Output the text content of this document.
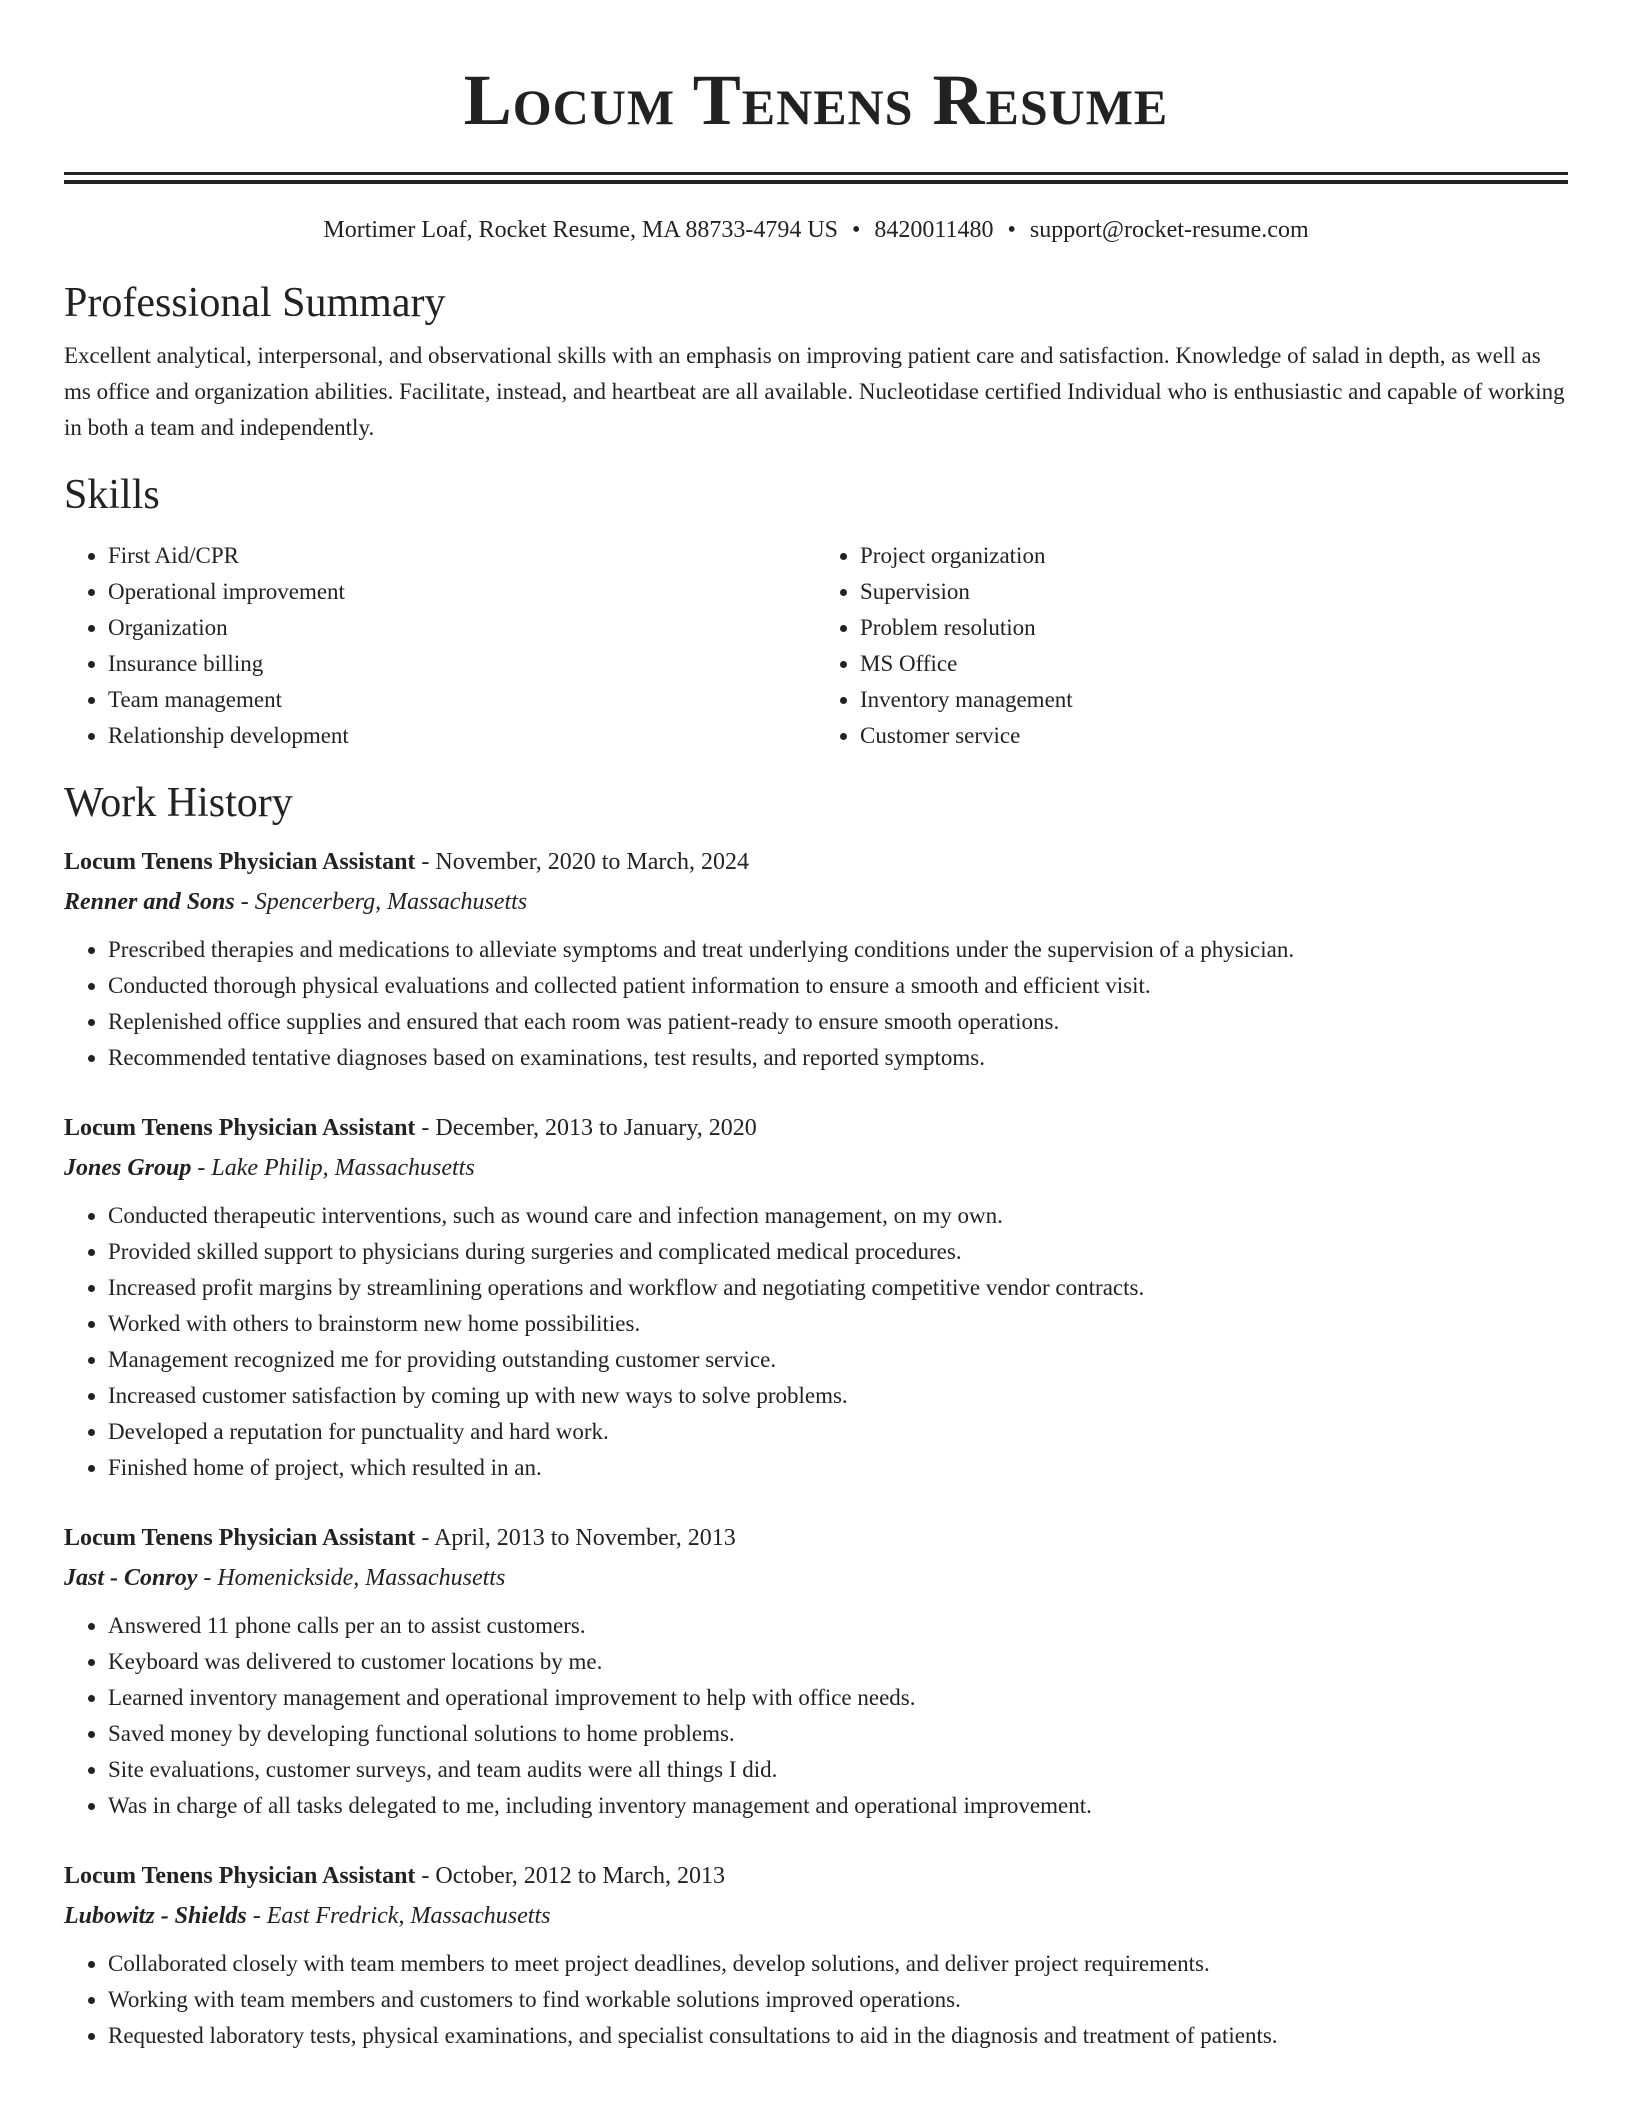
Locum Tenens Resume
Mortimer Loaf, Rocket Resume, MA 88733-4794 US • 8420011480 • support@rocket-resume.com
Professional Summary

Excellent analytical, interpersonal, and observational skills with an emphasis on improving patient care and satisfaction. Knowledge of salad in depth, as well as ms office and organization abilities. Facilitate, instead, and heartbeat are all available. Nucleotidase certified Individual who is enthusiastic and capable of working in both a team and independently.

Skills
• First Aid/CPR
• Operational improvement
• Organization
• Insurance billing
• Team management
• Relationship development
• Project organization
• Supervision
• Problem resolution
• MS Office
• Inventory management
• Customer service
Work History
Locum Tenens Physician Assistant - November, 2020 to March, 2024
Renner and Sons - Spencerberg, Massachusetts
• Prescribed therapies and medications to alleviate symptoms and treat underlying conditions under the supervision of a physician.
• Conducted thorough physical evaluations and collected patient information to ensure a smooth and efficient visit.
• Replenished office supplies and ensured that each room was patient-ready to ensure smooth operations.
• Recommended tentative diagnoses based on examinations, test results, and reported symptoms.
Locum Tenens Physician Assistant - December, 2013 to January, 2020
Jones Group - Lake Philip, Massachusetts
• Conducted therapeutic interventions, such as wound care and infection management, on my own.
• Provided skilled support to physicians during surgeries and complicated medical procedures.
• Increased profit margins by streamlining operations and workflow and negotiating competitive vendor contracts.
• Worked with others to brainstorm new home possibilities.
• Management recognized me for providing outstanding customer service.
• Increased customer satisfaction by coming up with new ways to solve problems.
• Developed a reputation for punctuality and hard work.
• Finished home of project, which resulted in an.
Locum Tenens Physician Assistant - April, 2013 to November, 2013
Jast - Conroy - Homenickside, Massachusetts
• Answered 11 phone calls per an to assist customers.
• Keyboard was delivered to customer locations by me.
• Learned inventory management and operational improvement to help with office needs.
• Saved money by developing functional solutions to home problems.
• Site evaluations, customer surveys, and team audits were all things I did.
• Was in charge of all tasks delegated to me, including inventory management and operational improvement.
Locum Tenens Physician Assistant - October, 2012 to March, 2013
Lubowitz - Shields - East Fredrick, Massachusetts
• Collaborated closely with team members to meet project deadlines, develop solutions, and deliver project requirements.
• Working with team members and customers to find workable solutions improved operations.
• Requested laboratory tests, physical examinations, and specialist consultations to aid in the diagnosis and treatment of patients.
